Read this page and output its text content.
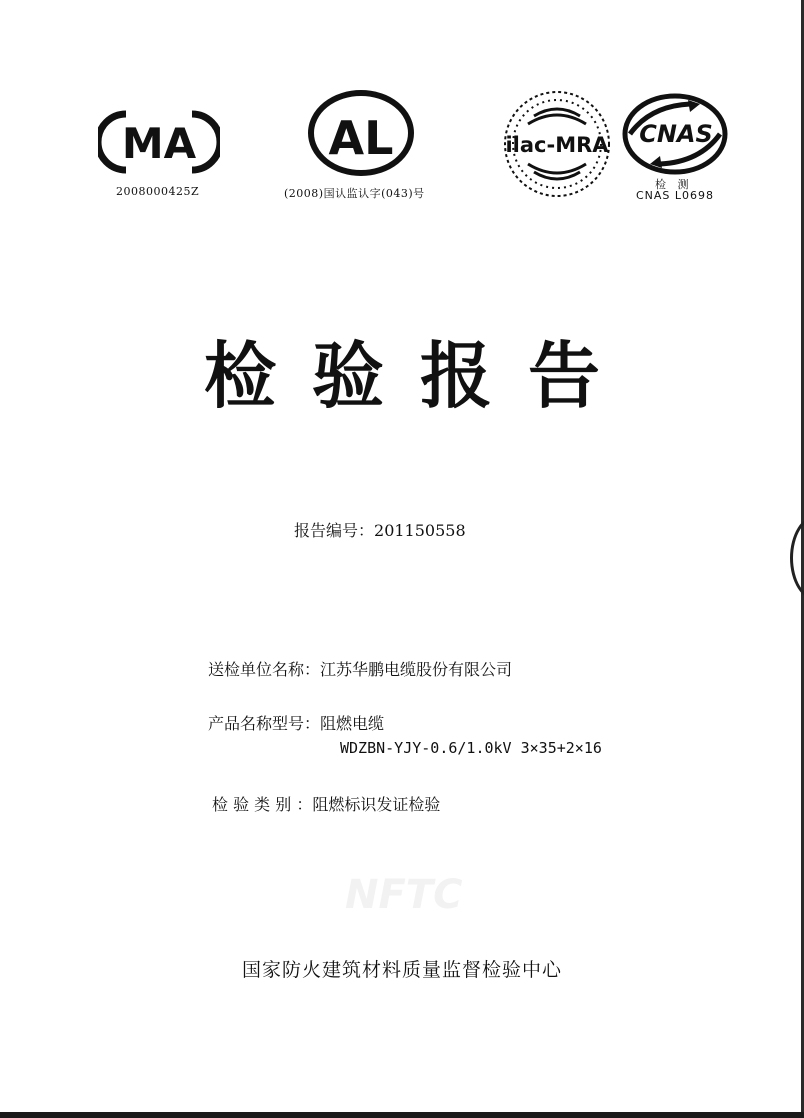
MA
2008000425Z
AL
(2008)国认监认字(043)号
ilac-MRA CNAS
检 测
CNAS L0698
检验报告
报告编号：201150558
送检单位名称：江苏华鹏电缆股份有限公司
产品名称型号：阻燃电缆
WDZBN-YJY-0.6/1.0kV 3×35+2×16
检 验 类 别 ：阻燃标识发证检验
NFTC
国家防火建筑材料质量监督检验中心
